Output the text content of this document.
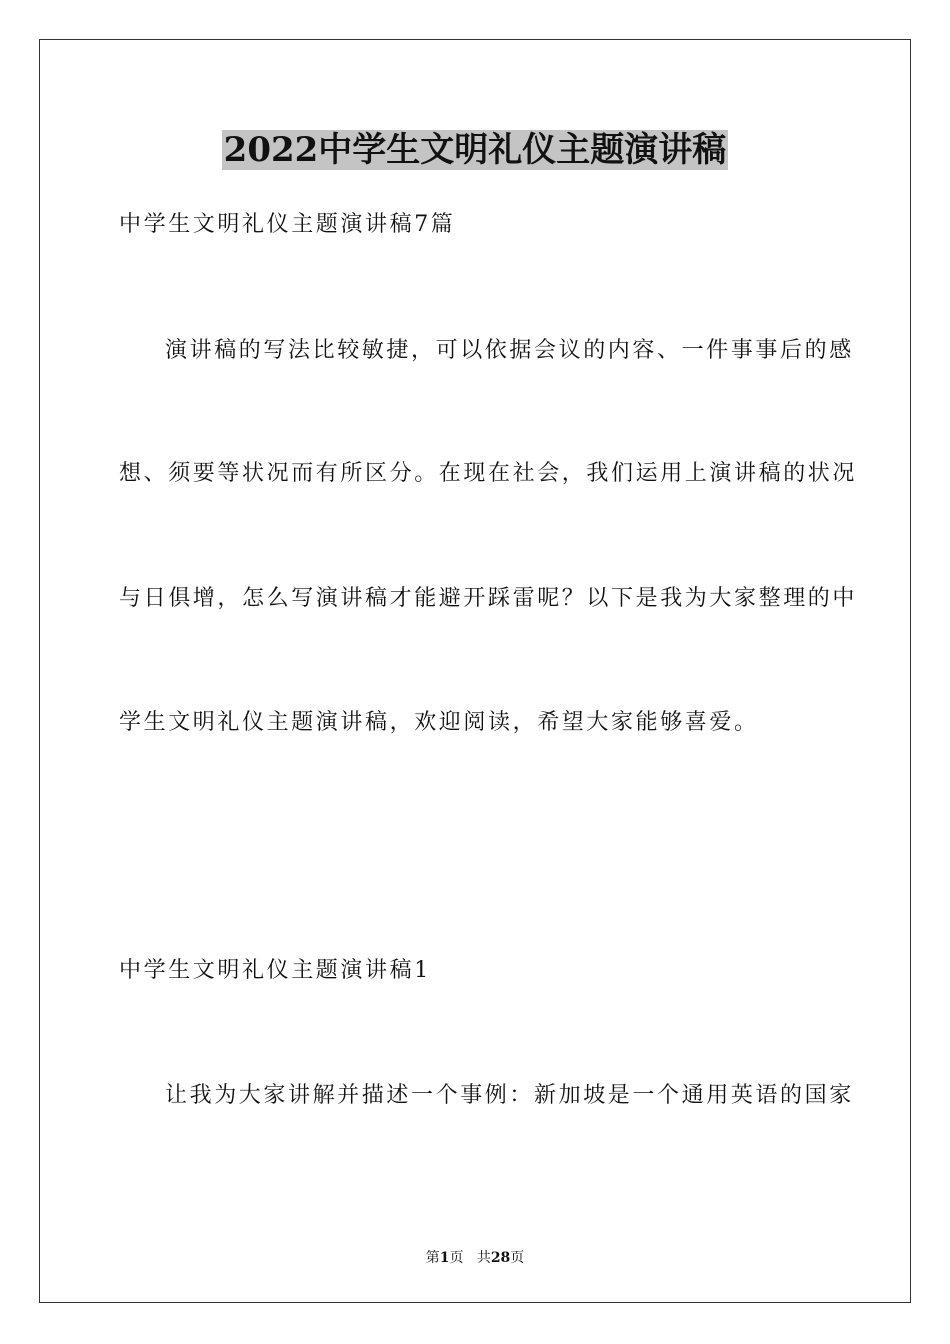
2022中学生文明礼仪主题演讲稿
中学生文明礼仪主题演讲稿7篇
演讲稿的写法比较敏捷，可以依据会议的内容、一件事事后的感
想、须要等状况而有所区分。在现在社会，我们运用上演讲稿的状况
与日俱增，怎么写演讲稿才能避开踩雷呢？以下是我为大家整理的中
学生文明礼仪主题演讲稿，欢迎阅读，希望大家能够喜爱。
中学生文明礼仪主题演讲稿1
让我为大家讲解并描述一个事例：新加坡是一个通用英语的国家
第1页 共28页
